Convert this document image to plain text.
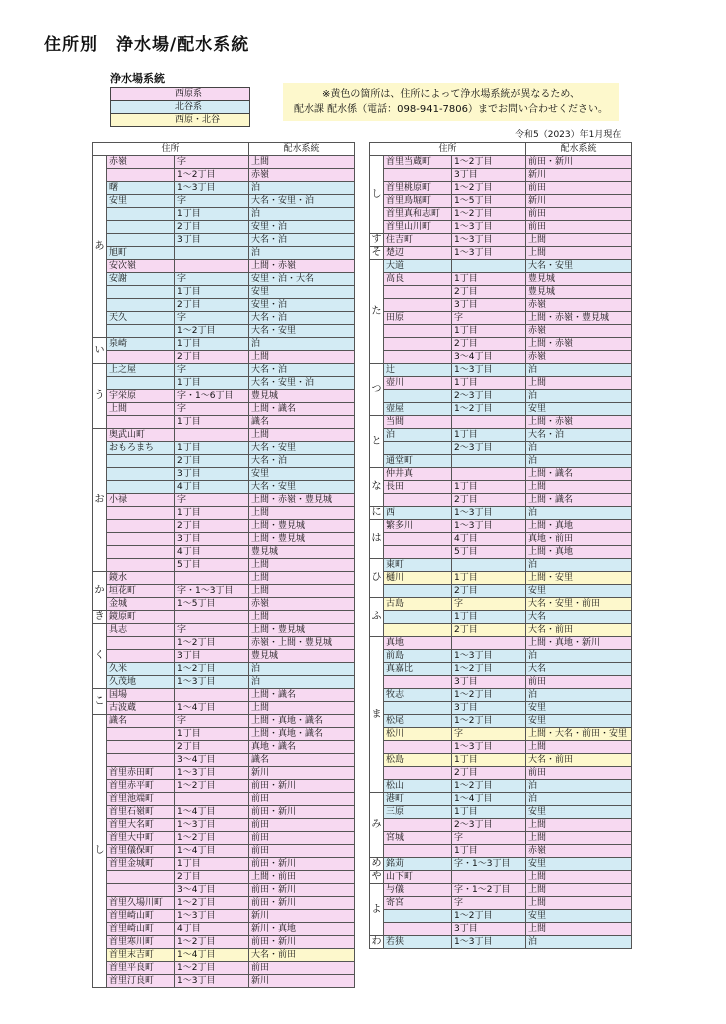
住所別　浄水場/配水系統
浄水場系統
西原系
北谷系
西原・北谷
※黄色の箇所は、住所によって浄水場系統が異なるため、
配水課 配水係（電話：098-941-7806）までお問い合わせください。
令和5（2023）年1月現在
住所			配水系統
あ	赤嶺	字	上間
		1〜2丁目	赤嶺
	曙	1〜3丁目	泊
	安里	字	大名・安里・泊
		1丁目	泊
		2丁目	安里・泊
		3丁目	大名・泊
	旭町		泊
	安次嶺		上間・赤嶺
	安謝	字	安里・泊・大名
		1丁目	安里
		2丁目	安里・泊
	天久	字	大名・泊
		1〜2丁目	大名・安里
い	泉崎	1丁目	泊
		2丁目	上間
う	上之屋	字	大名・泊
		1丁目	大名・安里・泊
	宇栄原	字・1〜6丁目	豊見城
	上間	字	上間・識名
		1丁目	識名
お	奥武山町		上間
	おもろまち	1丁目	大名・安里
		2丁目	大名・泊
		3丁目	安里
		4丁目	大名・安里
	小禄	字	上間・赤嶺・豊見城
		1丁目	上間
		2丁目	上間・豊見城
		3丁目	上間・豊見城
		4丁目	豊見城
		5丁目	上間
か	鏡水		上間
	垣花町	字・1〜3丁目	上間
	金城	1〜5丁目	赤嶺
き	鏡原町		上間
く	具志	字	上間・豊見城
		1〜2丁目	赤嶺・上間・豊見城
		3丁目	豊見城
	久米	1〜2丁目	泊
	久茂地	1〜3丁目	泊
こ	国場		上間・識名
	古波蔵	1〜4丁目	上間
し	識名	字	上間・真地・識名
		1丁目	上間・真地・識名
		2丁目	真地・識名
		3〜4丁目	識名
	首里赤田町	1〜3丁目	新川
	首里赤平町	1〜2丁目	前田・新川
	首里池端町		前田
	首里石嶺町	1〜4丁目	前田・新川
	首里大名町	1〜3丁目	前田
	首里大中町	1〜2丁目	前田
	首里儀保町	1〜4丁目	前田
	首里金城町	1丁目	前田・新川
		2丁目	上間・前田
		3〜4丁目	前田・新川
	首里久場川町	1〜2丁目	前田・新川
	首里崎山町	1〜3丁目	新川
	首里崎山町	4丁目	新川・真地
	首里寒川町	1〜2丁目	前田・新川
	首里末吉町	1〜4丁目	大名・前田
	首里平良町	1〜2丁目	前田
	首里汀良町	1〜3丁目	新川
住所			配水系統
し	首里当蔵町	1〜2丁目	前田・新川
		3丁目	新川
	首里桃原町	1〜2丁目	前田
	首里鳥堀町	1〜5丁目	新川
	首里真和志町	1〜2丁目	前田
	首里山川町	1〜3丁目	前田
す	住吉町	1〜3丁目	上間
そ	楚辺	1〜3丁目	上間
た	大道		大名・安里
	高良	1丁目	豊見城
		2丁目	豊見城
		3丁目	赤嶺
	田原	字	上間・赤嶺・豊見城
		1丁目	赤嶺
		2丁目	上間・赤嶺
		3〜4丁目	赤嶺
つ	辻	1〜3丁目	泊
	壺川	1丁目	上間
		2〜3丁目	泊
	壺屋	1〜2丁目	安里
と	当間		上間・赤嶺
	泊	1丁目	大名・泊
		2〜3丁目	泊
	通堂町		泊
な	仲井真		上間・識名
	長田	1丁目	上間
		2丁目	上間・識名
に	西	1〜3丁目	泊
は	繁多川	1〜3丁目	上間・真地
		4丁目	真地・前田
		5丁目	上間・真地
ひ	東町		泊
	樋川	1丁目	上間・安里
		2丁目	安里
ふ	古島	字	大名・安里・前田
		1丁目	大名
		2丁目	大名・前田
ま	真地		上間・真地・新川
	前島	1〜3丁目	泊
	真嘉比	1〜2丁目	大名
		3丁目	前田
	牧志	1〜2丁目	泊
		3丁目	安里
	松尾	1〜2丁目	安里
	松川	字	上間・大名・前田・安里
		1〜3丁目	上間
	松島	1丁目	大名・前田
		2丁目	前田
	松山	1〜2丁目	泊
み	港町	1〜4丁目	泊
	三原	1丁目	安里
		2〜3丁目	上間
	宮城	字	上間
		1丁目	赤嶺
め	銘苅	字・1〜3丁目	安里
や	山下町		上間
よ	与儀	字・1〜2丁目	上間
	寄宮	字	上間
		1〜2丁目	安里
		3丁目	上間
わ	若狭	1〜3丁目	泊
